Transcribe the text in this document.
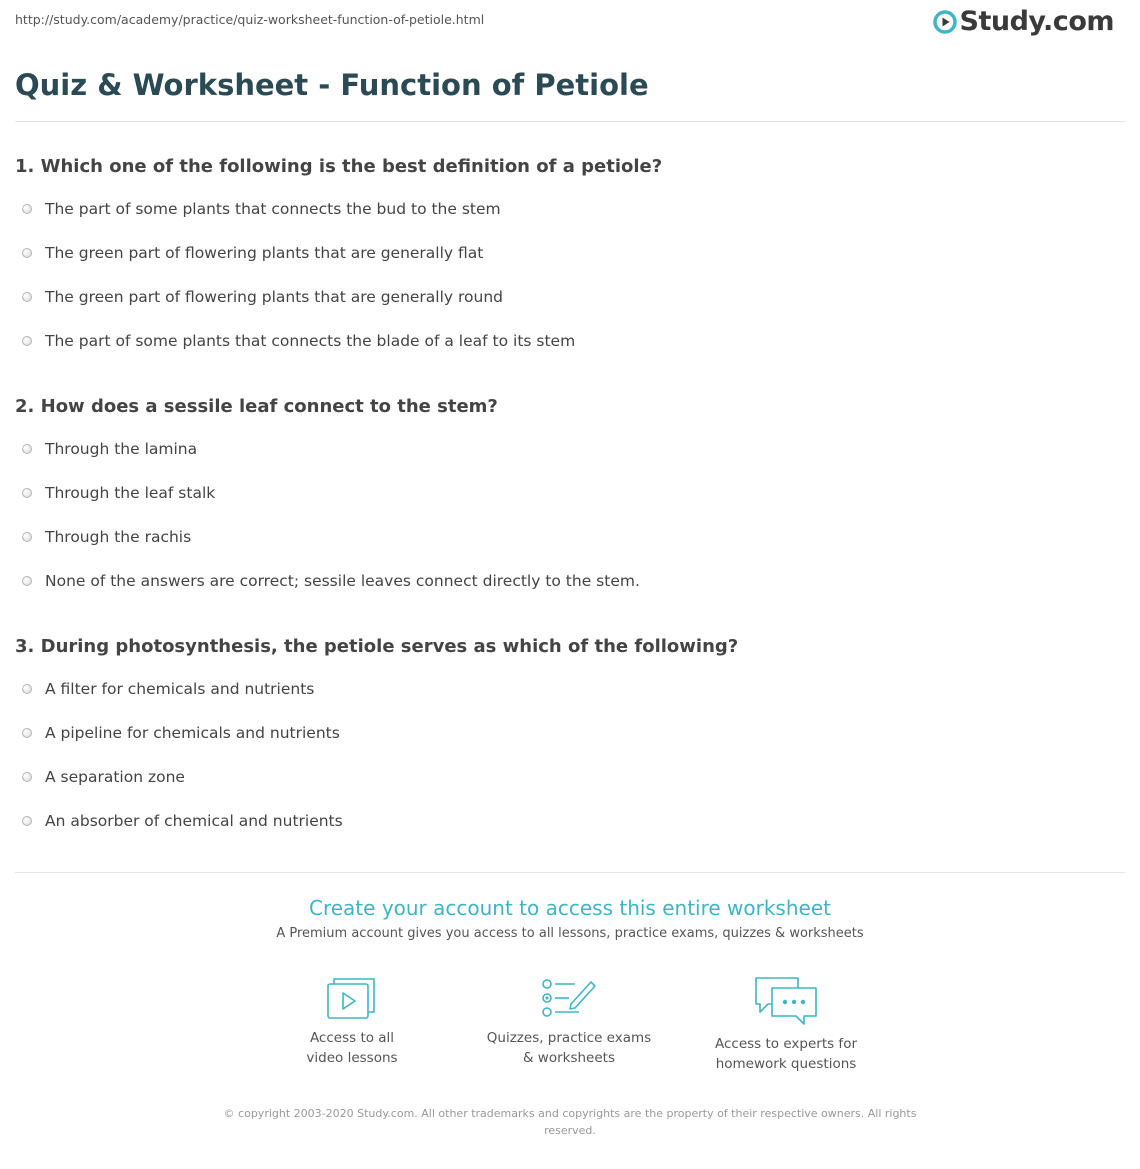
http://study.com/academy/practice/quiz-worksheet-function-of-petiole.html	Study.com
Quiz & Worksheet - Function of Petiole
1. Which one of the following is the best definition of a petiole?
The part of some plants that connects the bud to the stem
The green part of flowering plants that are generally flat
The green part of flowering plants that are generally round
The part of some plants that connects the blade of a leaf to its stem
2. How does a sessile leaf connect to the stem?
Through the lamina
Through the leaf stalk
Through the rachis
None of the answers are correct; sessile leaves connect directly to the stem.
3. During photosynthesis, the petiole serves as which of the following?
A filter for chemicals and nutrients
A pipeline for chemicals and nutrients
A separation zone
An absorber of chemical and nutrients
Create your account to access this entire worksheet
A Premium account gives you access to all lessons, practice exams, quizzes & worksheets
Access to all
video lessons
Quizzes, practice exams
& worksheets
Access to experts for
homework questions
© copyright 2003-2020 Study.com. All other trademarks and copyrights are the property of their respective owners. All rights reserved.
